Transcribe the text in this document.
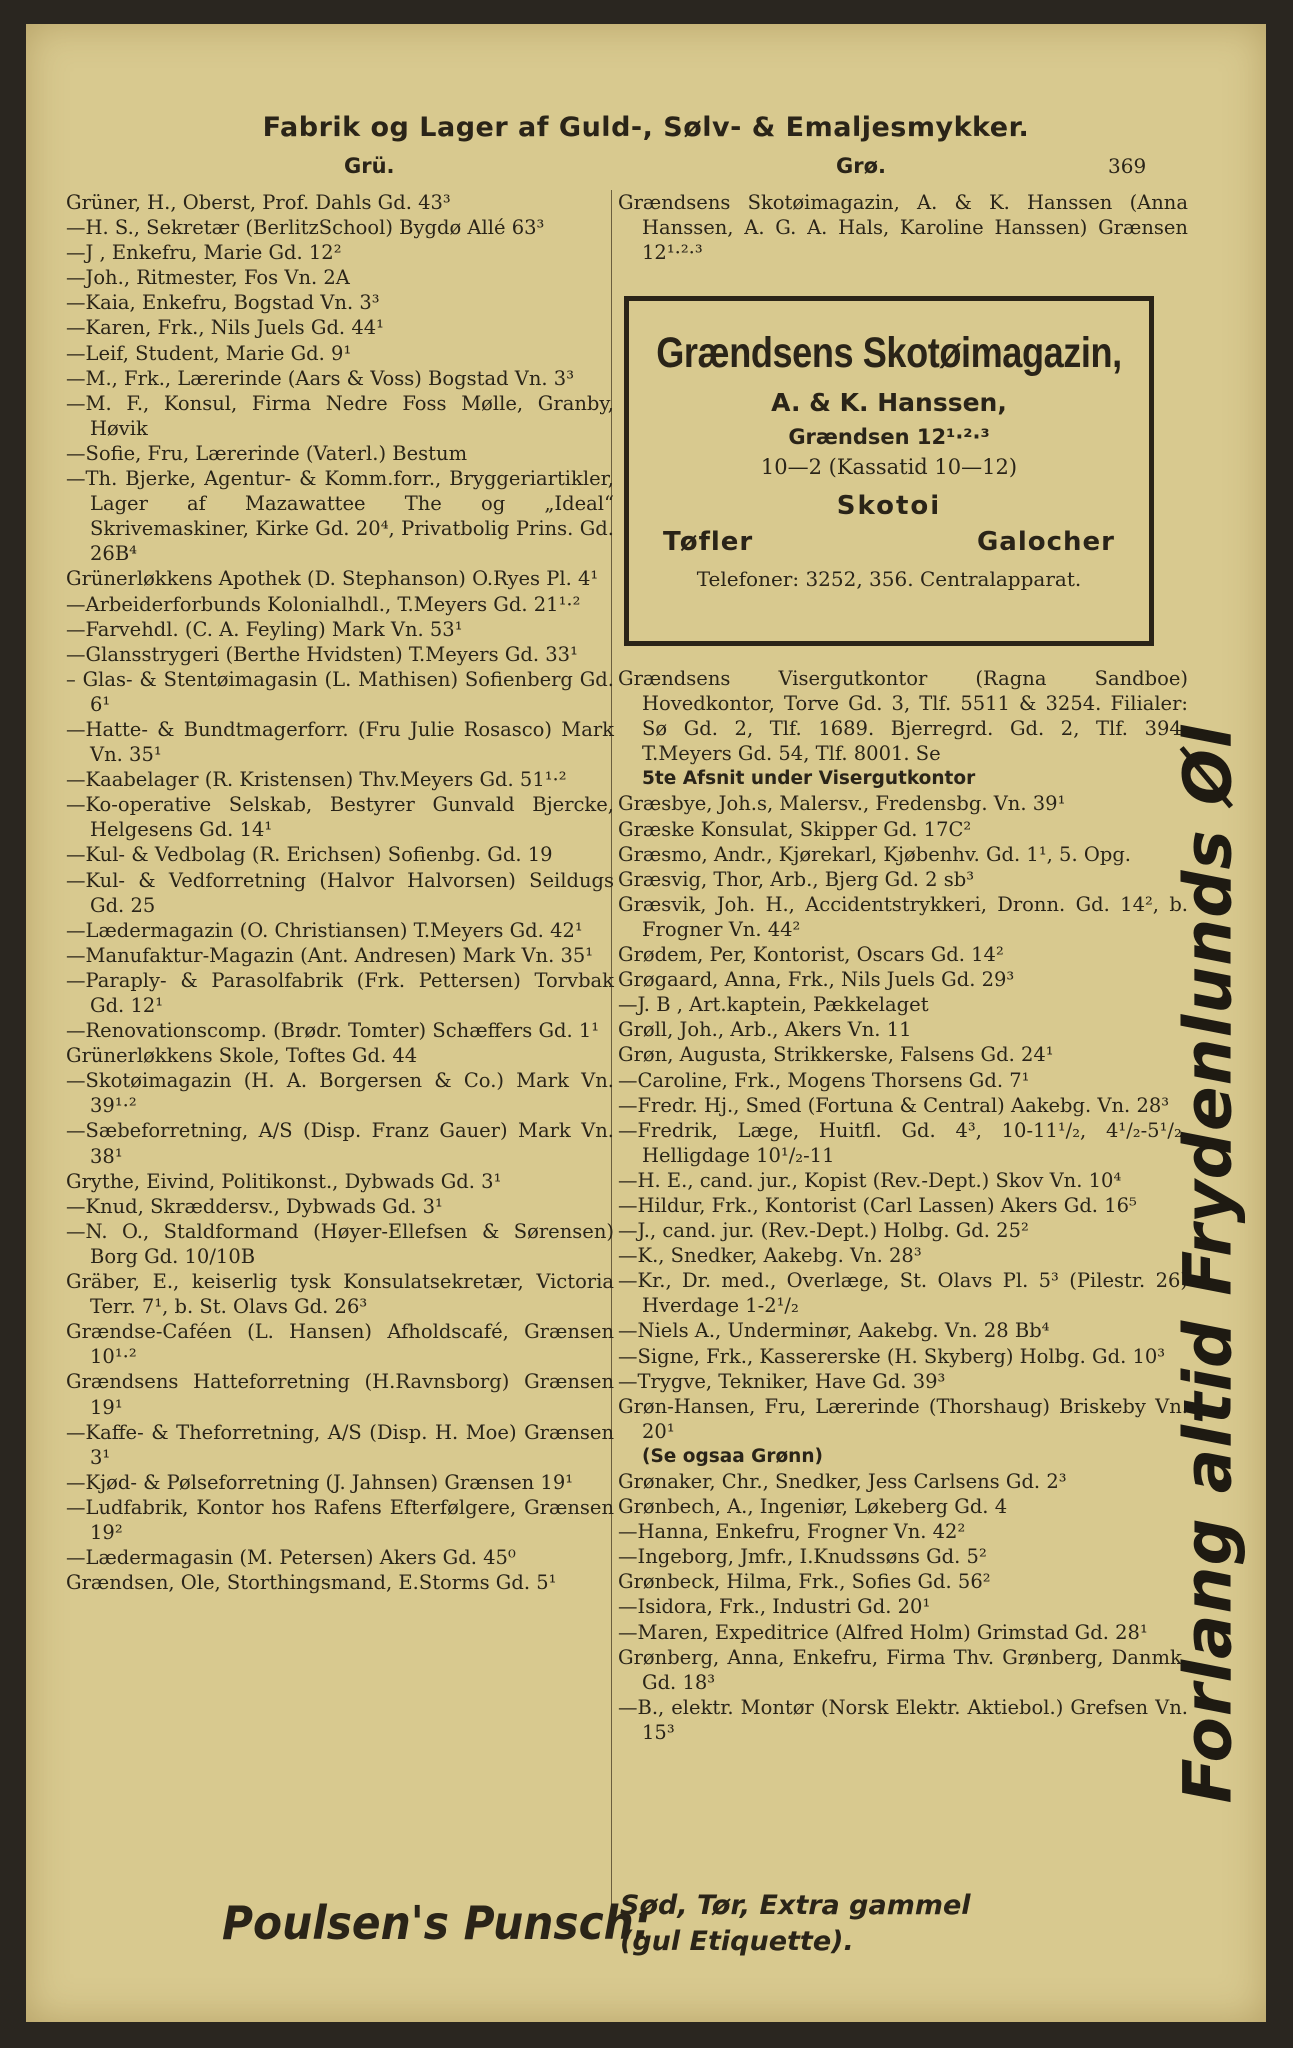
Fabrik og Lager af Guld-, Sølv- & Emaljesmykker.
Grü.	Grø.	369

Grüner, H., Oberst, Prof. Dahls Gd. 43³

—H. S., Sekretær (BerlitzSchool) Bygdø Allé 63³

—J , Enkefru, Marie Gd. 12²

—Joh., Ritmester, Fos Vn. 2A

—Kaia, Enkefru, Bogstad Vn. 3³

—Karen, Frk., Nils Juels Gd. 44¹

—Leif, Student, Marie Gd. 9¹

—M., Frk., Lærerinde (Aars & Voss) Bogstad Vn. 3³

—M. F., Konsul, Firma Nedre Foss Mølle, Granby, Høvik

—Sofie, Fru, Lærerinde (Vaterl.) Bestum

—Th. Bjerke, Agentur- & Komm.forr., Bryggeriartikler, Lager af Mazawattee The og „Ideal“ Skrivemaskiner, Kirke Gd. 20⁴, Privatbolig Prins. Gd. 26B⁴

Grünerløkkens Apothek (D. Stephanson) O.Ryes Pl. 4¹

—Arbeiderforbunds Kolonialhdl., T.Meyers Gd. 21¹·²

—Farvehdl. (C. A. Feyling) Mark Vn. 53¹

—Glansstrygeri (Berthe Hvidsten) T.Meyers Gd. 33¹

– Glas- & Stentøimagasin (L. Mathisen) Sofienberg Gd. 6¹

—Hatte- & Bundtmagerforr. (Fru Julie Rosasco) Mark Vn. 35¹

—Kaabelager (R. Kristensen) Thv.Meyers Gd. 51¹·²

—Ko-operative Selskab, Bestyrer Gunvald Bjercke, Helgesens Gd. 14¹

—Kul- & Vedbolag (R. Erichsen) Sofienbg. Gd. 19

—Kul- & Vedforretning (Halvor Halvorsen) Seildugs Gd. 25

—Lædermagazin (O. Christiansen) T.Meyers Gd. 42¹

—Manufaktur-Magazin (Ant. Andresen) Mark Vn. 35¹

—Paraply- & Parasolfabrik (Frk. Pettersen) Torvbak Gd. 12¹

—Renovationscomp. (Brødr. Tomter) Schæffers Gd. 1¹

Grünerløkkens Skole, Toftes Gd. 44

—Skotøimagazin (H. A. Borgersen & Co.) Mark Vn. 39¹·²

—Sæbeforretning, A/S (Disp. Franz Gauer) Mark Vn. 38¹

Grythe, Eivind, Politikonst., Dybwads Gd. 3¹

—Knud, Skræddersv., Dybwads Gd. 3¹

—N. O., Staldformand (Høyer-Ellefsen & Sørensen) Borg Gd. 10/10B

Gräber, E., keiserlig tysk Konsulatsekretær, Victoria Terr. 7¹, b. St. Olavs Gd. 26³

Grændse-Caféen (L. Hansen) Afholdscafé, Grænsen 10¹·²

Grændsens Hatteforretning (H.Ravnsborg) Grænsen 19¹

—Kaffe- & Theforretning, A/S (Disp. H. Moe) Grænsen 3¹

—Kjød- & Pølseforretning (J. Jahnsen) Grænsen 19¹

—Ludfabrik, Kontor hos Rafens Efterfølgere, Grænsen 19²

—Lædermagasin (M. Petersen) Akers Gd. 45⁰

Grændsen, Ole, Storthingsmand, E.Storms Gd. 5¹

Grændsens Skotøimagazin, A. & K. Hanssen (Anna Hanssen, A. G. A. Hals, Karoline Hanssen) Grænsen 12¹·²·³

Grændsens Skotøimagazin,
A. & K. Hanssen,
Grændsen 12¹·²·³
10—2 (Kassatid 10—12)
Skotoi
Tøfler	Galocher
Telefoner: 3252, 356. Centralapparat.

Grændsens Visergutkontor (Ragna Sandboe) Hovedkontor, Torve Gd. 3, Tlf. 5511 & 3254. Filialer: Sø Gd. 2, Tlf. 1689. Bjerregrd. Gd. 2, Tlf. 394. T.Meyers Gd. 54, Tlf. 8001. Se

5te Afsnit under Visergutkontor

Græsbye, Joh.s, Malersv., Fredensbg. Vn. 39¹

Græske Konsulat, Skipper Gd. 17C²

Græsmo, Andr., Kjørekarl, Kjøbenhv. Gd. 1¹, 5. Opg.

Græsvig, Thor, Arb., Bjerg Gd. 2 sb³

Græsvik, Joh. H., Accidentstrykkeri, Dronn. Gd. 14², b. Frogner Vn. 44²

Grødem, Per, Kontorist, Oscars Gd. 14²

Grøgaard, Anna, Frk., Nils Juels Gd. 29³

—J. B , Art.kaptein, Pækkelaget

Grøll, Joh., Arb., Akers Vn. 11

Grøn, Augusta, Strikkerske, Falsens Gd. 24¹

—Caroline, Frk., Mogens Thorsens Gd. 7¹

—Fredr. Hj., Smed (Fortuna & Central) Aakebg. Vn. 28³

—Fredrik, Læge, Huitfl. Gd. 4³, 10-11¹/₂, 4¹/₂-5¹/₂, Helligdage 10¹/₂-11

—H. E., cand. jur., Kopist (Rev.-Dept.) Skov Vn. 10⁴

—Hildur, Frk., Kontorist (Carl Lassen) Akers Gd. 16⁵

—J., cand. jur. (Rev.-Dept.) Holbg. Gd. 25²

—K., Snedker, Aakebg. Vn. 28³

—Kr., Dr. med., Overlæge, St. Olavs Pl. 5³ (Pilestr. 26) Hverdage 1-2¹/₂

—Niels A., Underminør, Aakebg. Vn. 28 Bb⁴

—Signe, Frk., Kassererske (H. Skyberg) Holbg. Gd. 10³

—Trygve, Tekniker, Have Gd. 39³

Grøn-Hansen, Fru, Lærerinde (Thorshaug) Briskeby Vn. 20¹

(Se ogsaa Grønn)

Grønaker, Chr., Snedker, Jess Carlsens Gd. 2³

Grønbech, A., Ingeniør, Løkeberg Gd. 4

—Hanna, Enkefru, Frogner Vn. 42²

—Ingeborg, Jmfr., I.Knudssøns Gd. 5²

Grønbeck, Hilma, Frk., Sofies Gd. 56²

—Isidora, Frk., Industri Gd. 20¹

—Maren, Expeditrice (Alfred Holm) Grimstad Gd. 28¹

Grønberg, Anna, Enkefru, Firma Thv. Grønberg, Danmk. Gd. 18³

—B., elektr. Montør (Norsk Elektr. Aktiebol.) Grefsen Vn. 15³	Forlang altid Frydenlunds Øl
Poulsen's Punsch:
Sød, Tør, Extra gammel
(gul Etiquette).
